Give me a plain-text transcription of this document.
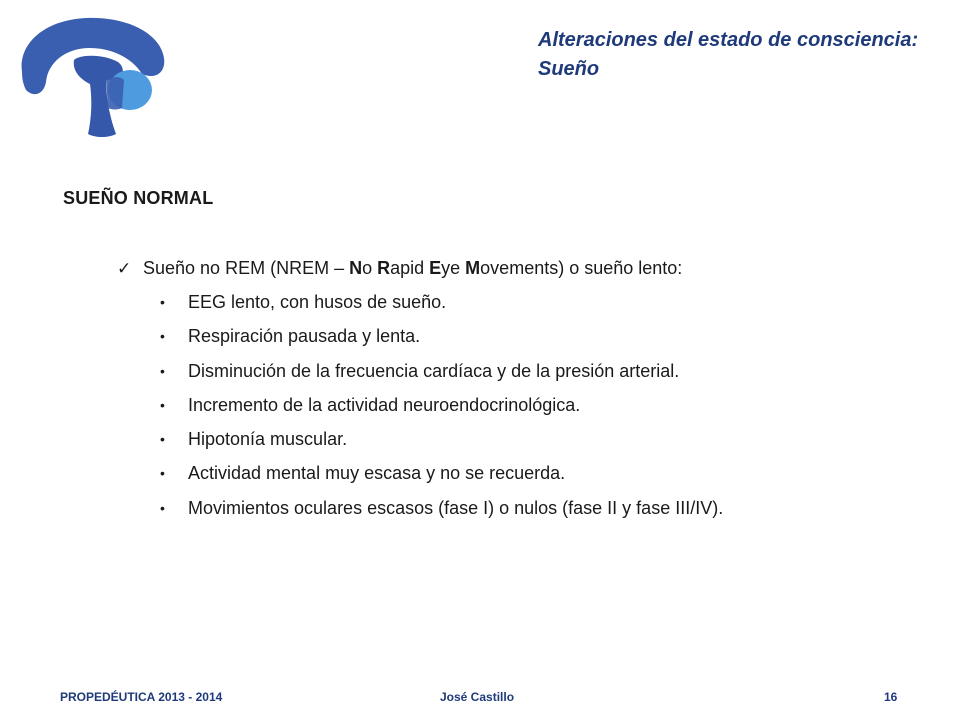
Alteraciones del estado de consciencia:
Sueño
SUEÑO NORMAL
✓ Sueño no REM (NREM – No Rapid Eye Movements) o sueño lento:
• EEG lento, con husos de sueño.
• Respiración pausada y lenta.
• Disminución de la frecuencia cardíaca y de la presión arterial.
• Incremento de la actividad neuroendocrinológica.
• Hipotonía muscular.
• Actividad mental muy escasa y no se recuerda.
• Movimientos oculares escasos (fase I) o nulos (fase II y fase III/IV).
PROPEDÉUTICA 2013 - 2014	José Castillo	16
